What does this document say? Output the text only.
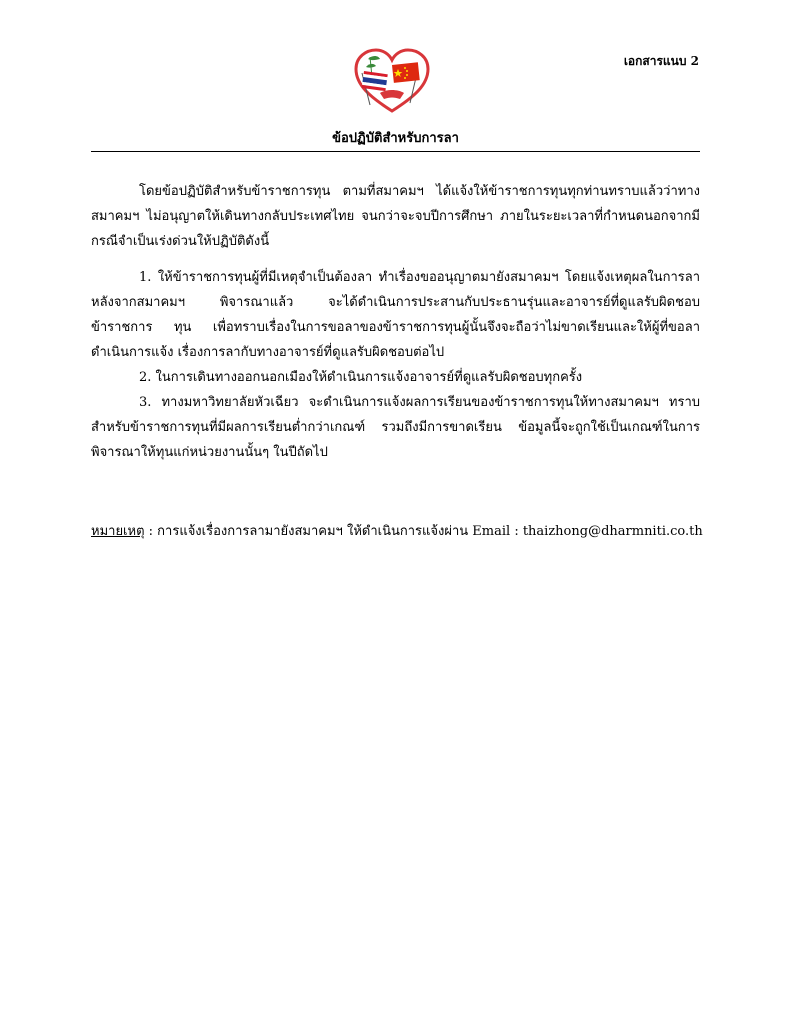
เอกสารแนบ 2
ข้อปฏิบัติสำหรับการลา

โดยข้อปฏิบัติสำหรับข้าราชการทุน ตามที่สมาคมฯ ได้แจ้งให้ข้าราชการทุนทุกท่านทราบแล้วว่าทาง สมาคมฯ ไม่อนุญาตให้เดินทางกลับประเทศไทย จนกว่าจะจบปีการศึกษา ภายในระยะเวลาที่กำหนดนอกจากมี กรณีจำเป็นเร่งด่วนให้ปฏิบัติดังนี้

1. ให้ข้าราชการทุนผู้ที่มีเหตุจำเป็นต้องลา ทำเรื่องขออนุญาตมายังสมาคมฯ โดยแจ้งเหตุผลในการลา หลังจากสมาคมฯ พิจารณาแล้ว จะได้ดำเนินการประสานกับประธานรุ่นและอาจารย์ที่ดูแลรับผิดชอบข้าราชการ ทุน เพื่อทราบเรื่องในการขอลาของข้าราชการทุนผู้นั้นจึงจะถือว่าไม่ขาดเรียนและให้ผู้ที่ขอลาดำเนินการแจ้ง เรื่องการลากับทางอาจารย์ที่ดูแลรับผิดชอบต่อไป

2. ในการเดินทางออกนอกเมืองให้ดำเนินการแจ้งอาจารย์ที่ดูแลรับผิดชอบทุกครั้ง

3. ทางมหาวิทยาลัยหัวเฉียว จะดำเนินการแจ้งผลการเรียนของข้าราชการทุนให้ทางสมาคมฯ ทราบ สำหรับข้าราชการทุนที่มีผลการเรียนต่ำกว่าเกณฑ์ รวมถึงมีการขาดเรียน ข้อมูลนี้จะถูกใช้เป็นเกณฑ์ในการ พิจารณาให้ทุนแก่หน่วยงานนั้นๆ ในปีถัดไป

หมายเหตุ : การแจ้งเรื่องการลามายังสมาคมฯ ให้ดำเนินการแจ้งผ่าน Email : thaizhong@dharmniti.co.th
